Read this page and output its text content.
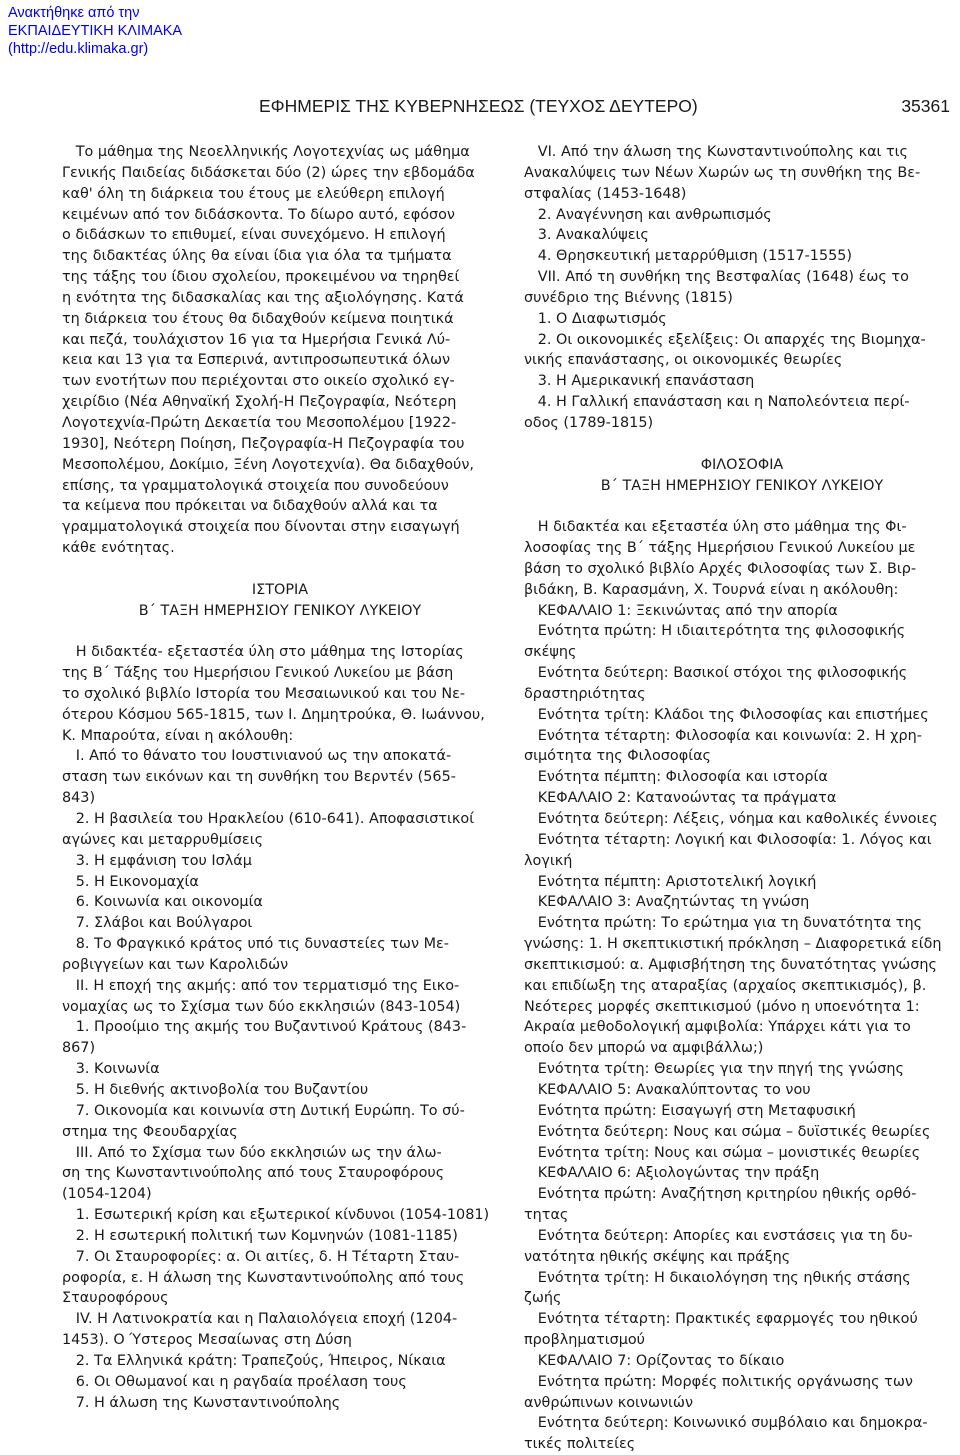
Ανακτήθηκε από την
ΕΚΠΑΙΔΕΥΤΙΚΗ ΚΛΙΜΑΚΑ
(http://edu.klimaka.gr)
ΕΦΗΜΕΡΙΣ ΤΗΣ ΚΥΒΕΡΝΗΣΕΩΣ (ΤΕΥΧΟΣ ΔΕΥΤΕΡΟ)	35361
Το μάθημα της Νεοελληνικής Λογοτεχνίας ως μάθημα
Γενικής Παιδείας διδάσκεται δύο (2) ώρες την εβδομάδα
καθ' όλη τη διάρκεια του έτους με ελεύθερη επιλογή
κειμένων από τον διδάσκοντα. Το δίωρο αυτό, εφόσον
ο διδάσκων το επιθυμεί, είναι συνεχόμενο. Η επιλογή
της διδακτέας ύλης θα είναι ίδια για όλα τα τμήματα
της τάξης του ίδιου σχολείου, προκειμένου να τηρηθεί
η ενότητα της διδασκαλίας και της αξιολόγησης. Κατά
τη διάρκεια του έτους θα διδαχθούν κείμενα ποιητικά
και πεζά, τουλάχιστον 16 για τα Ημερήσια Γενικά Λύ-
κεια και 13 για τα Εσπερινά, αντιπροσωπευτικά όλων
των ενοτήτων που περιέχονται στο οικείο σχολικό εγ-
χειρίδιο (Νέα Αθηναϊκή Σχολή-Η Πεζογραφία, Νεότερη
Λογοτεχνία-Πρώτη Δεκαετία του Μεσοπολέμου [1922-
1930], Νεότερη Ποίηση, Πεζογραφία-Η Πεζογραφία του
Μεσοπολέμου, Δοκίμιο, Ξένη Λογοτεχνία). Θα διδαχθούν,
επίσης, τα γραμματολογικά στοιχεία που συνοδεύουν
τα κείμενα που πρόκειται να διδαχθούν αλλά και τα
γραμματολογικά στοιχεία που δίνονται στην εισαγωγή
κάθε ενότητας.
ΙΣΤΟΡΙΑ
Β΄ ΤΑΞΗ ΗΜΕΡΗΣΙΟΥ ΓΕΝΙΚΟΥ ΛΥΚΕΙΟΥ
Η διδακτέα- εξεταστέα ύλη στο μάθημα της Ιστορίας
της Β΄ Τάξης του Ημερήσιου Γενικού Λυκείου με βάση
το σχολικό βιβλίο Ιστορία του Μεσαιωνικού και του Νε-
ότερου Κόσμου 565-1815, των Ι. Δημητρούκα, Θ. Ιωάννου,
Κ. Μπαρούτα, είναι η ακόλουθη:
Ι. Από το θάνατο του Ιουστινιανού ως την αποκατά-
σταση των εικόνων και τη συνθήκη του Βερντέν (565-
843)
2. Η βασιλεία του Ηρακλείου (610-641). Αποφασιστικοί
αγώνες και μεταρρυθμίσεις
3. Η εμφάνιση του Ισλάμ
5. Η Εικονομαχία
6. Κοινωνία και οικονομία
7. Σλάβοι και Βούλγαροι
8. Το Φραγκικό κράτος υπό τις δυναστείες των Με-
ροβιγγείων και των Καρολιδών
ΙΙ. Η εποχή της ακμής: από τον τερματισμό της Εικο-
νομαχίας ως το Σχίσμα των δύο εκκλησιών (843-1054)
1. Προοίμιο της ακμής του Βυζαντινού Κράτους (843-
867)
3. Κοινωνία
5. Η διεθνής ακτινοβολία του Βυζαντίου
7. Οικονομία και κοινωνία στη Δυτική Ευρώπη. Το σύ-
στημα της Φεουδαρχίας
ΙΙΙ. Από το Σχίσμα των δύο εκκλησιών ως την άλω-
ση της Κωνσταντινούπολης από τους Σταυροφόρους
(1054-1204)
1. Εσωτερική κρίση και εξωτερικοί κίνδυνοι (1054-1081)
2. Η εσωτερική πολιτική των Κομνηνών (1081-1185)
7. Οι Σταυροφορίες: α. Οι αιτίες, δ. Η Τέταρτη Σταυ-
ροφορία, ε. Η άλωση της Κωνσταντινούπολης από τους
Σταυροφόρους
IV. Η Λατινοκρατία και η Παλαιολόγεια εποχή (1204-
1453). Ο Ύστερος Μεσαίωνας στη Δύση
2. Τα Ελληνικά κράτη: Τραπεζούς, Ήπειρος, Νίκαια
6. Οι Οθωμανοί και η ραγδαία προέλαση τους
7. Η άλωση της Κωνσταντινούπολης
VI. Από την άλωση της Κωνσταντινούπολης και τις
Ανακαλύψεις των Νέων Χωρών ως τη συνθήκη της Βε-
στφαλίας (1453-1648)
2. Αναγέννηση και ανθρωπισμός
3. Ανακαλύψεις
4. Θρησκευτική μεταρρύθμιση (1517-1555)
VII. Από τη συνθήκη της Βεστφαλίας (1648) έως το
συνέδριο της Βιέννης (1815)
1. Ο Διαφωτισμός
2. Οι οικονομικές εξελίξεις: Οι απαρχές της Βιομηχα-
νικής επανάστασης, οι οικονομικές θεωρίες
3. Η Αμερικανική επανάσταση
4. Η Γαλλική επανάσταση και η Ναπολεόντεια περί-
οδος (1789-1815)
ΦΙΛΟΣΟΦΙΑ
Β΄ ΤΑΞΗ ΗΜΕΡΗΣΙΟΥ ΓΕΝΙΚΟΥ ΛΥΚΕΙΟΥ
Η διδακτέα και εξεταστέα ύλη στο μάθημα της Φι-
λοσοφίας της Β΄ τάξης Ημερήσιου Γενικού Λυκείου με
βάση το σχολικό βιβλίο Αρχές Φιλοσοφίας των Σ. Βιρ-
βιδάκη, Β. Καρασμάνη, Χ. Τουρνά είναι η ακόλουθη:
ΚΕΦΑΛΑΙΟ 1: Ξεκινώντας από την απορία
Ενότητα πρώτη: Η ιδιαιτερότητα της φιλοσοφικής
σκέψης
Ενότητα δεύτερη: Βασικοί στόχοι της φιλοσοφικής
δραστηριότητας
Ενότητα τρίτη: Κλάδοι της Φιλοσοφίας και επιστήμες
Ενότητα τέταρτη: Φιλοσοφία και κοινωνία: 2. Η χρη-
σιμότητα της Φιλοσοφίας
Ενότητα πέμπτη: Φιλοσοφία και ιστορία
ΚΕΦΑΛΑΙΟ 2: Κατανοώντας τα πράγματα
Ενότητα δεύτερη: Λέξεις, νόημα και καθολικές έννοιες
Ενότητα τέταρτη: Λογική και Φιλοσοφία: 1. Λόγος και
λογική
Ενότητα πέμπτη: Αριστοτελική λογική
ΚΕΦΑΛΑΙΟ 3: Αναζητώντας τη γνώση
Ενότητα πρώτη: Το ερώτημα για τη δυνατότητα της
γνώσης: 1. Η σκεπτικιστική πρόκληση – Διαφορετικά είδη
σκεπτικισμού: α. Αμφισβήτηση της δυνατότητας γνώσης
και επιδίωξη της αταραξίας (αρχαίος σκεπτικισμός), β.
Νεότερες μορφές σκεπτικισμού (μόνο η υποενότητα 1:
Ακραία μεθοδολογική αμφιβολία: Υπάρχει κάτι για το
οποίο δεν μπορώ να αμφιβάλλω;)
Ενότητα τρίτη: Θεωρίες για την πηγή της γνώσης
ΚΕΦΑΛΑΙΟ 5: Ανακαλύπτοντας το νου
Ενότητα πρώτη: Εισαγωγή στη Μεταφυσική
Ενότητα δεύτερη: Νους και σώμα – δυϊστικές θεωρίες
Ενότητα τρίτη: Νους και σώμα – μονιστικές θεωρίες
ΚΕΦΑΛΑΙΟ 6: Αξιολογώντας την πράξη
Ενότητα πρώτη: Αναζήτηση κριτηρίου ηθικής ορθό-
τητας
Ενότητα δεύτερη: Απορίες και ενστάσεις για τη δυ-
νατότητα ηθικής σκέψης και πράξης
Ενότητα τρίτη: Η δικαιολόγηση της ηθικής στάσης
ζωής
Ενότητα τέταρτη: Πρακτικές εφαρμογές του ηθικού
προβληματισμού
ΚΕΦΑΛΑΙΟ 7: Ορίζοντας το δίκαιο
Ενότητα πρώτη: Μορφές πολιτικής οργάνωσης των
ανθρώπινων κοινωνιών
Ενότητα δεύτερη: Κοινωνικό συμβόλαιο και δημοκρα-
τικές πολιτείες
